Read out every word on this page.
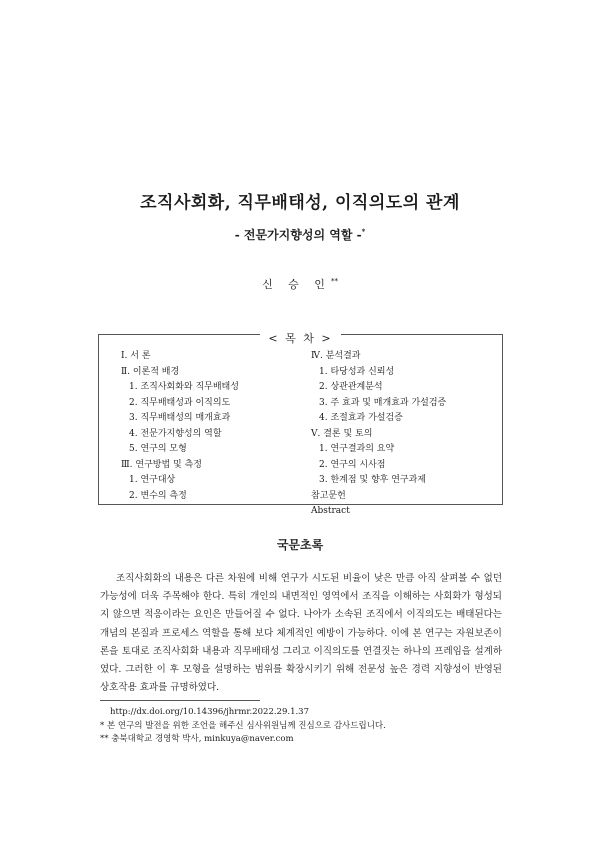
조직사회화, 직무배태성, 이직의도의 관계
- 전문가지향성의 역할 -*
신 승 인**
< 목 차 >
Ⅰ. 서 론
Ⅱ. 이론적 배경
1. 조직사회화와 직무배태성
2. 직무배태성과 이직의도
3. 직무배태성의 매개효과
4. 전문가지향성의 역할
5. 연구의 모형
Ⅲ. 연구방법 및 측정
1. 연구대상
2. 변수의 측정
Ⅳ. 분석결과
1. 타당성과 신뢰성
2. 상관관계분석
3. 주 효과 및 매개효과 가설검증
4. 조절효과 가설검증
Ⅴ. 결론 및 토의
1. 연구결과의 요약
2. 연구의 시사점
3. 한계점 및 향후 연구과제
참고문헌
Abstract
국문초록

조직사회화의 내용은 다른 차원에 비해 연구가 시도된 비율이 낮은 만큼 아직 살펴볼 수 없던 가능성에 더욱 주목해야 한다. 특히 개인의 내면적인 영역에서 조직을 이해하는 사회화가 형성되지 않으면 적응이라는 요인은 만들어질 수 없다. 나아가 소속된 조직에서 이직의도는 배태된다는 개념의 본질과 프로세스 역할을 통해 보다 체계적인 예방이 가능하다. 이에 본 연구는 자원보존이론을 토대로 조직사회화 내용과 직무배태성 그리고 이직의도를 연결짓는 하나의 프레임을 설계하였다. 그러한 이 후 모형을 설명하는 범위를 확장시키기 위해 전문성 높은 경력 지향성이 반영된 상호작용 효과를 규명하였다.

http://dx.doi.org/10.14396/jhrmr.2022.29.1.37
* 본 연구의 발전을 위한 조언을 해주신 심사위원님께 진심으로 감사드립니다.
** 충북대학교 경영학 박사, minkuya@naver.com
